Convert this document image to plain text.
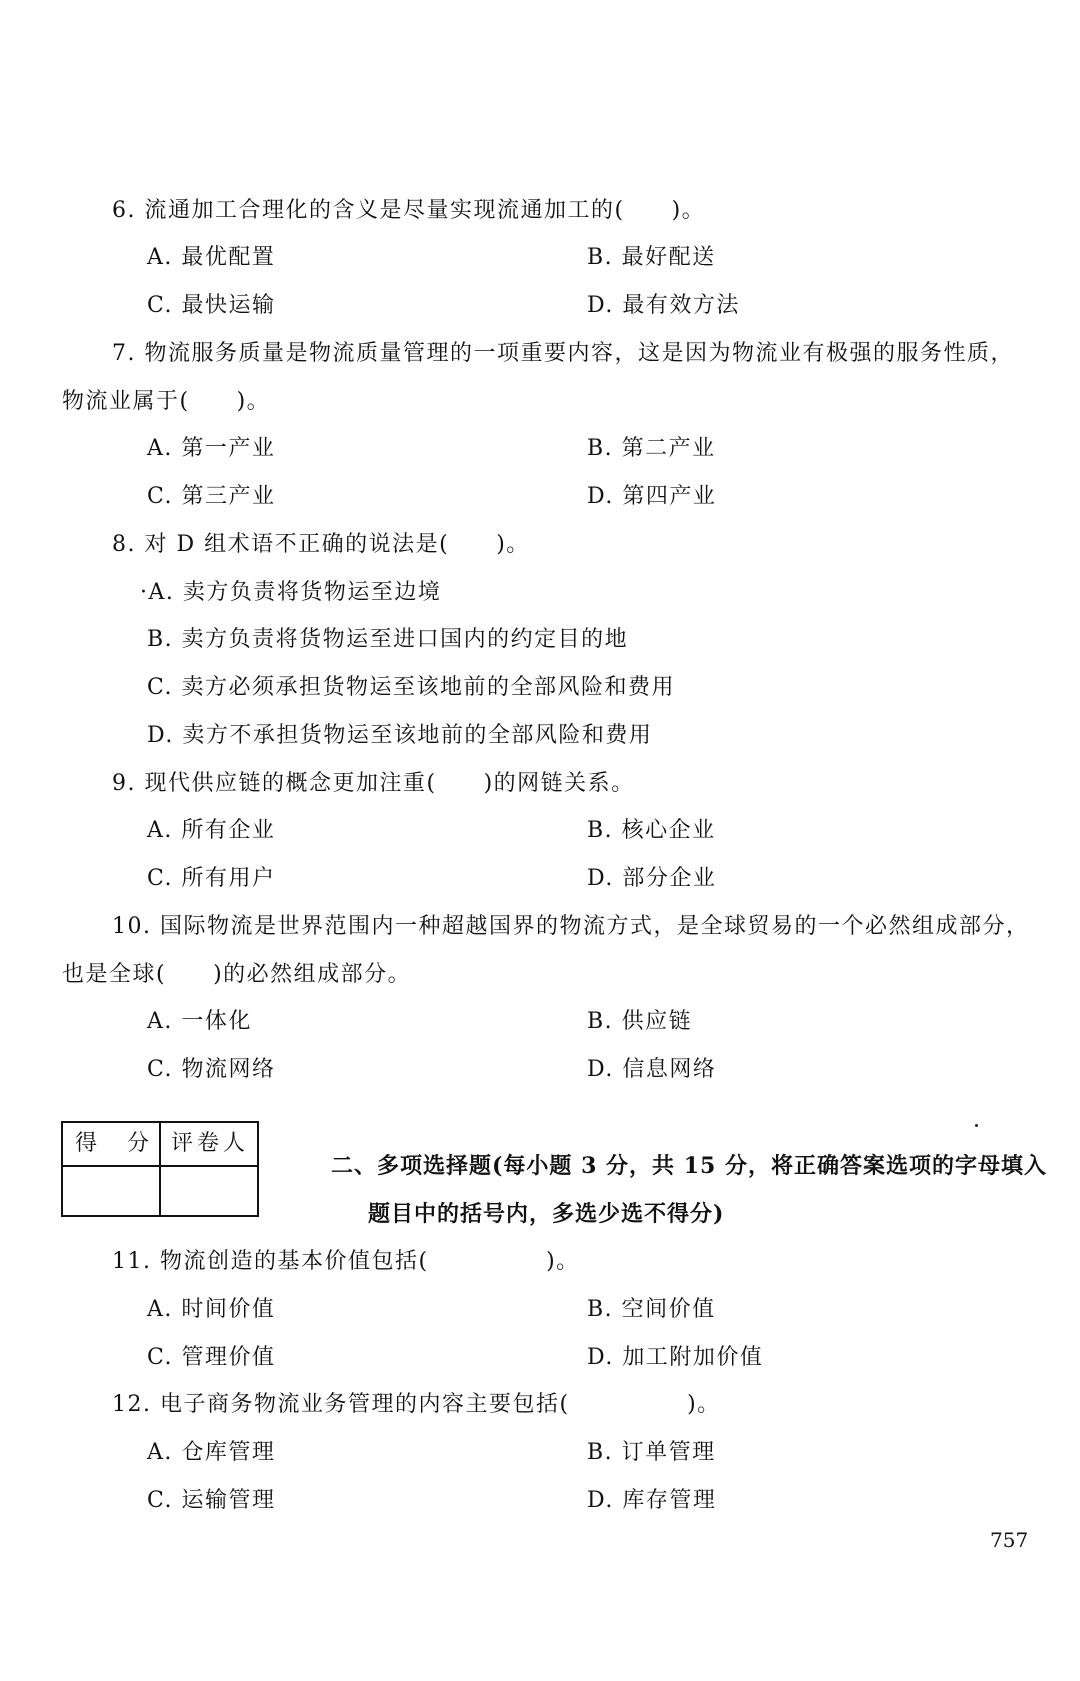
6. 流通加工合理化的含义是尽量实现流通加工的(　　)。
A. 最优配置	B. 最好配送
C. 最快运输	D. 最有效方法
7. 物流服务质量是物流质量管理的一项重要内容，这是因为物流业有极强的服务性质，
物流业属于(　　)。
A. 第一产业	B. 第二产业
C. 第三产业	D. 第四产业
8. 对 D 组术语不正确的说法是(　　)。
·A. 卖方负责将货物运至边境
B. 卖方负责将货物运至进口国内的约定目的地
C. 卖方必须承担货物运至该地前的全部风险和费用
D. 卖方不承担货物运至该地前的全部风险和费用
9. 现代供应链的概念更加注重(　　)的网链关系。
A. 所有企业	B. 核心企业
C. 所有用户	D. 部分企业
10. 国际物流是世界范围内一种超越国界的物流方式，是全球贸易的一个必然组成部分，
也是全球(　　)的必然组成部分。
A. 一体化	B. 供应链
C. 物流网络	D. 信息网络
得　分 评卷人
二、多项选择题(每小题 3 分，共 15 分，将正确答案选项的字母填入
题目中的括号内，多选少选不得分)
11. 物流创造的基本价值包括(　　　　　)。
A. 时间价值	B. 空间价值
C. 管理价值	D. 加工附加价值
12. 电子商务物流业务管理的内容主要包括(　　　　　)。
A. 仓库管理	B. 订单管理
C. 运输管理	D. 库存管理
757
